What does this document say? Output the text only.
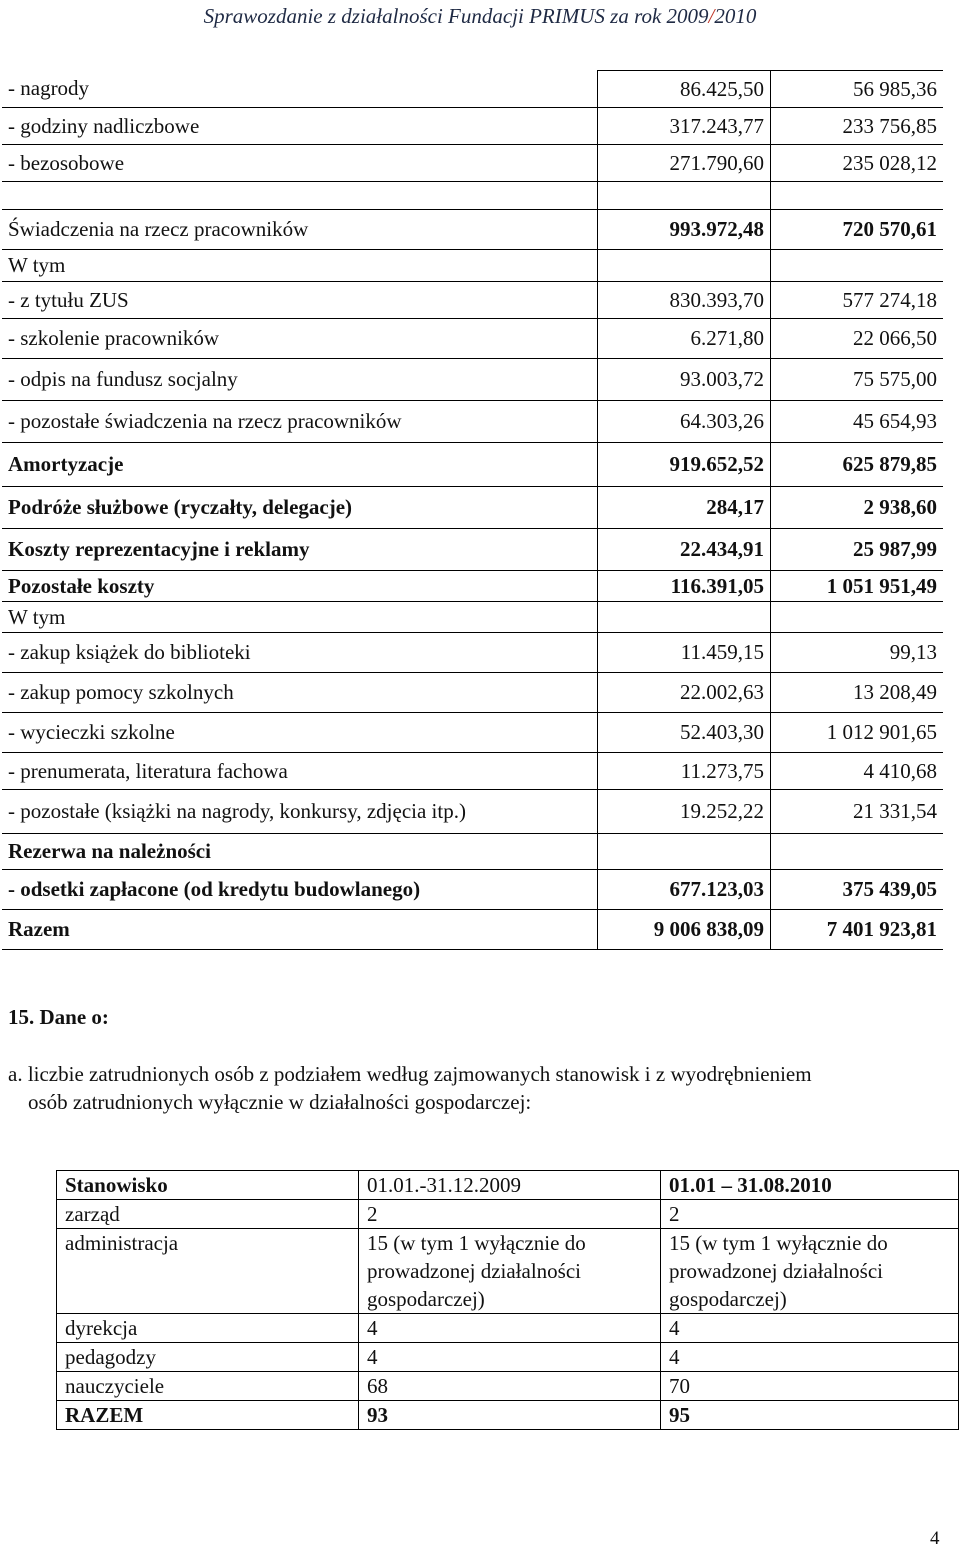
Sprawozdanie z działalności Fundacji PRIMUS za rok 2009/2010
- nagrody	86.425,50	56 985,36
- godziny nadliczbowe	317.243,77	233 756,85
- bezosobowe	271.790,60	235 028,12

Świadczenia na rzecz pracowników	993.972,48	720 570,61
W tym		
- z tytułu ZUS	830.393,70	577 274,18
- szkolenie pracowników	6.271,80	22 066,50
- odpis na fundusz socjalny	93.003,72	75 575,00
- pozostałe świadczenia na rzecz pracowników	64.303,26	45 654,93
Amortyzacje	919.652,52	625 879,85
Podróże służbowe (ryczałty, delegacje)	284,17	2 938,60
Koszty reprezentacyjne i reklamy	22.434,91	25 987,99
Pozostałe koszty	116.391,05	1 051 951,49
W tym		
- zakup książek do biblioteki	11.459,15	99,13
- zakup pomocy szkolnych	22.002,63	13 208,49
- wycieczki szkolne	52.403,30	1 012 901,65
- prenumerata, literatura fachowa	11.273,75	4 410,68
- pozostałe (książki na nagrody, konkursy, zdjęcia itp.)	19.252,22	21 331,54
Rezerwa na należności		
- odsetki zapłacone (od kredytu budowlanego)	677.123,03	375 439,05
Razem	9 006 838,09	7 401 923,81
15. Dane o:
a. liczbie zatrudnionych osób z podziałem według zajmowanych stanowisk i z wyodrębnieniem
osób zatrudnionych wyłącznie w działalności gospodarczej:
Stanowisko	01.01.-31.12.2009	01.01 – 31.08.2010
zarząd	2	2
administracja	15 (w tym 1 wyłącznie do prowadzonej działalności gospodarczej)	15 (w tym 1 wyłącznie do prowadzonej działalności gospodarczej)
dyrekcja	4	4
pedagodzy	4	4
nauczyciele	68	70
RAZEM	93	95
4
